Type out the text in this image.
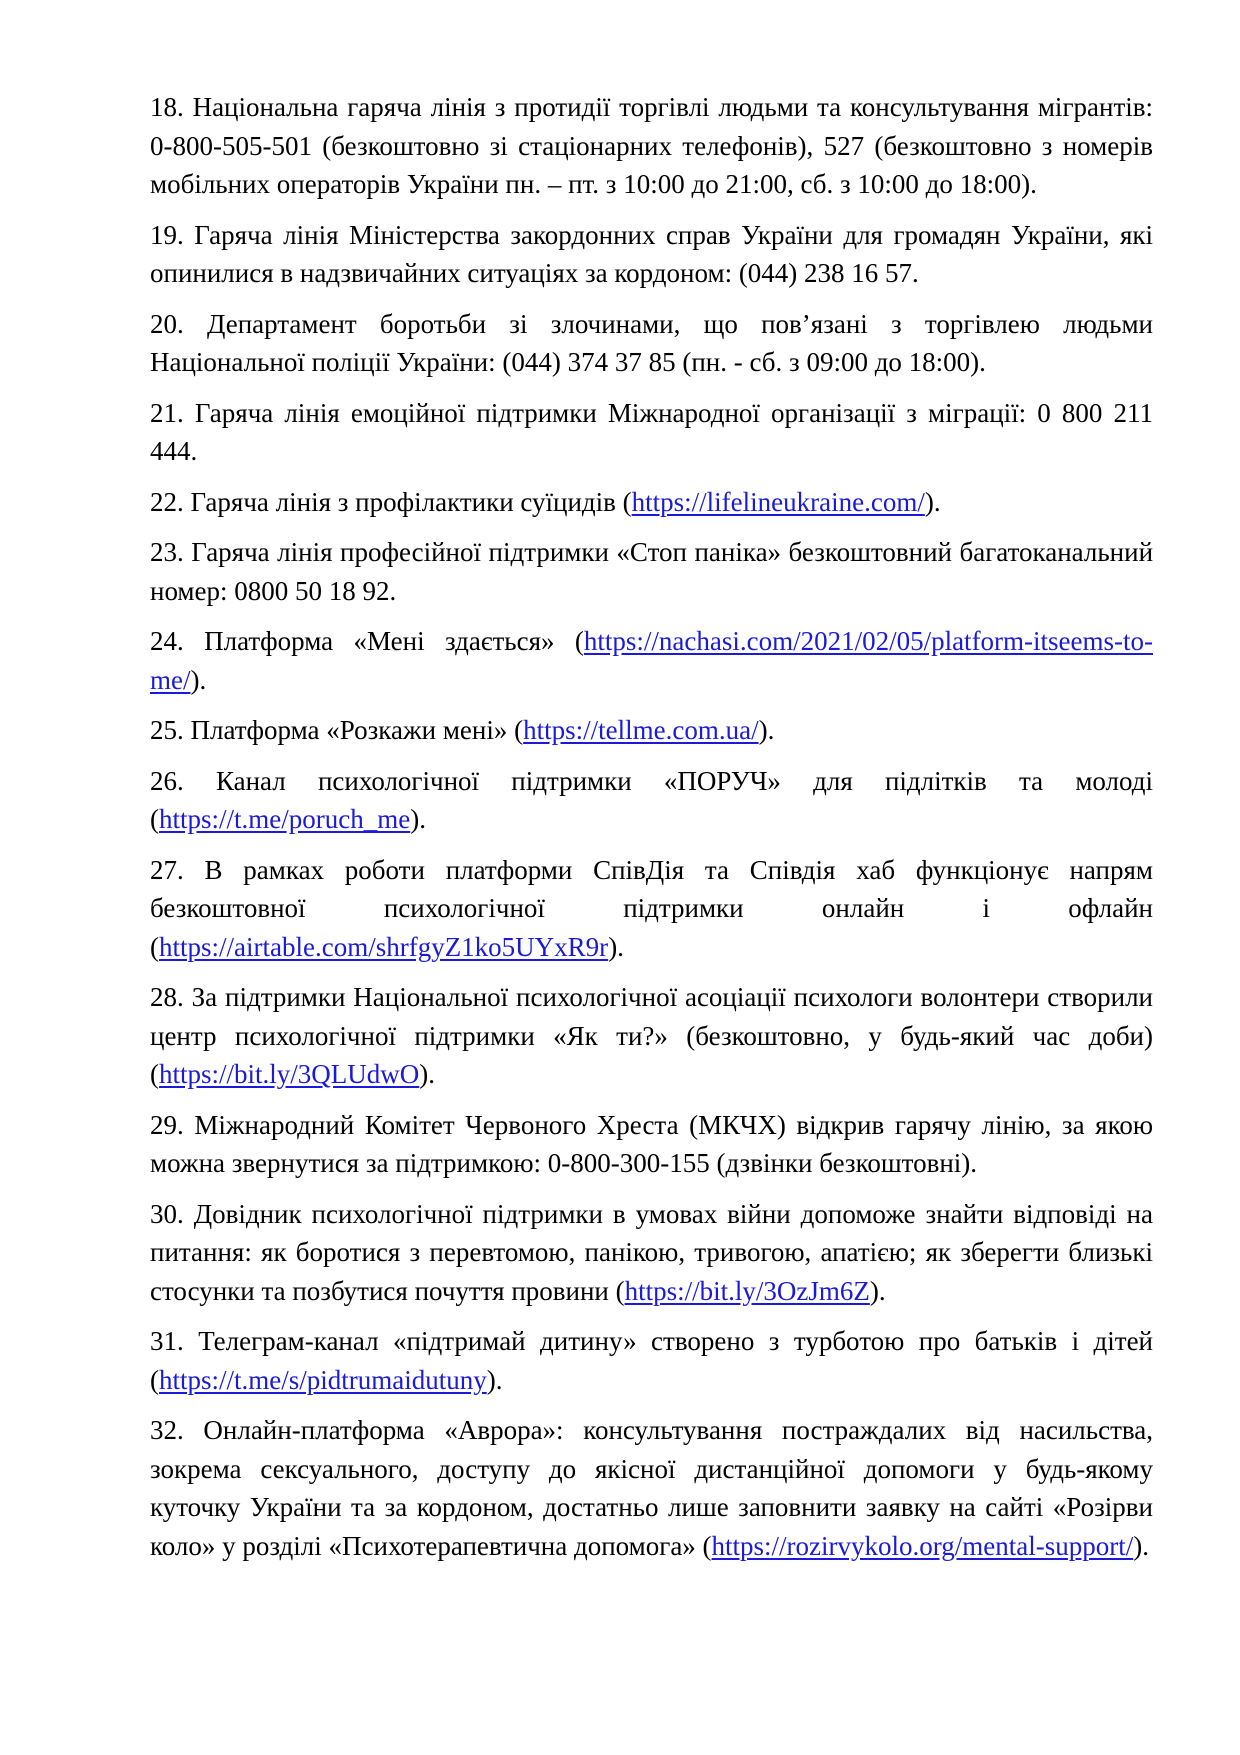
18. Національна гаряча лінія з протидії торгівлі людьми та консультування мігрантів: 0-800-505-501 (безкоштовно зі стаціонарних телефонів), 527 (безкоштовно з номерів мобільних операторів України пн. – пт. з 10:00 до 21:00, сб. з 10:00 до 18:00).

19. Гаряча лінія Міністерства закордонних справ України для громадян України, які опинилися в надзвичайних ситуаціях за кордоном: (044) 238 16 57.

20. Департамент боротьби зі злочинами, що пов’язані з торгівлею людьми Національної поліції України: (044) 374 37 85 (пн. - сб. з 09:00 до 18:00).

21. Гаряча лінія емоційної підтримки Міжнародної організації з міграції: 0 800 211 444.

22. Гаряча лінія з профілактики суїцидів (https://lifelineukraine.com/).

23. Гаряча лінія професійної підтримки «Стоп паніка» безкоштовний багатоканальний номер: 0800 50 18 92.

24. Платформа «Мені здається» (https://nachasi.com/2021/02/05/platform-itseems-to-me/).

25. Платформа «Розкажи мені» (https://tellme.com.ua/).

26. Канал психологічної підтримки «ПОРУЧ» для підлітків та молоді (https://t.me/poruch_me).

27. В рамках роботи платформи СпівДія та Співдія хаб функціонує напрям безкоштовної психологічної підтримки онлайн і офлайн (https://airtable.com/shrfgyZ1ko5UYxR9r).

28. За підтримки Національної психологічної асоціації психологи волонтери створили центр психологічної підтримки «Як ти?» (безкоштовно, у будь-який час доби) (https://bit.ly/3QLUdwO).

29. Міжнародний Комітет Червоного Хреста (МКЧХ) відкрив гарячу лінію, за якою можна звернутися за підтримкою: 0-800-300-155 (дзвінки безкоштовні).

30. Довідник психологічної підтримки в умовах війни допоможе знайти відповіді на питання: як боротися з перевтомою, панікою, тривогою, апатією; як зберегти близькі стосунки та позбутися почуття провини (https://bit.ly/3OzJm6Z).

31. Телеграм-канал «підтримай дитину» створено з турботою про батьків і дітей (https://t.me/s/pidtrumaidutuny).

32. Онлайн-платформа «Аврора»: консультування постраждалих від насильства, зокрема сексуального, доступу до якісної дистанційної допомоги у будь-якому куточку України та за кордоном, достатньо лише заповнити заявку на сайті «Розірви коло» у розділі «Психотерапевтична допомога» (https://rozirvykolo.org/mental-support/).
